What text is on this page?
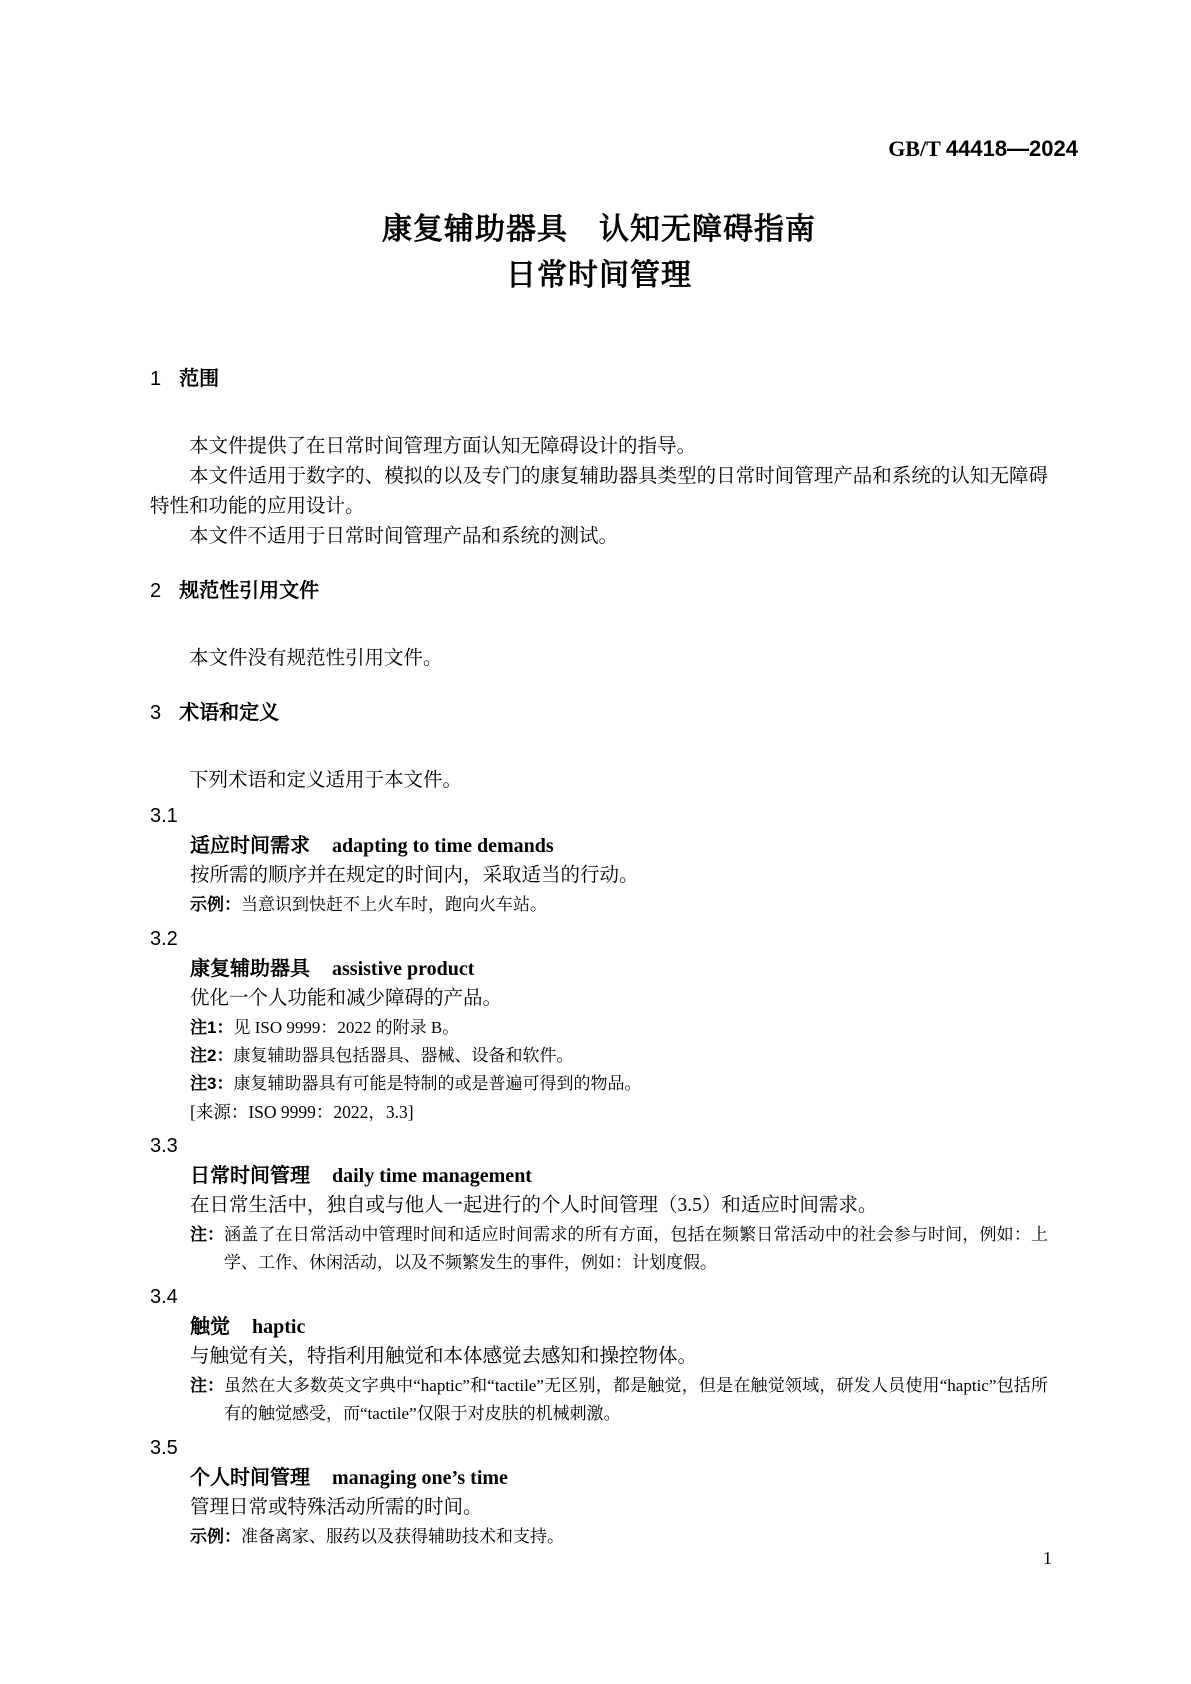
GB/T 44418—2024
康复辅助器具　认知无障碍指南
日常时间管理
1 范围

本文件提供了在日常时间管理方面认知无障碍设计的指导。

本文件适用于数字的、模拟的以及专门的康复辅助器具类型的日常时间管理产品和系统的认知无障碍特性和功能的应用设计。

本文件不适用于日常时间管理产品和系统的测试。

2 规范性引用文件

本文件没有规范性引用文件。

3 术语和定义

下列术语和定义适用于本文件。

3.1

适应时间需求 adapting to time demands

按所需的顺序并在规定的时间内，采取适当的行动。

示例： 当意识到快赶不上火车时，跑向火车站。

3.2

康复辅助器具 assistive product

优化一个人功能和减少障碍的产品。

注1： 见 ISO 9999：2022 的附录 B。

注2： 康复辅助器具包括器具、器械、设备和软件。

注3： 康复辅助器具有可能是特制的或是普遍可得到的物品。

[来源：ISO 9999：2022，3.3]

3.3

日常时间管理 daily time management

在日常生活中，独自或与他人一起进行的个人时间管理（3.5）和适应时间需求。

注： 涵盖了在日常活动中管理时间和适应时间需求的所有方面，包括在频繁日常活动中的社会参与时间，例如：上学、工作、休闲活动，以及不频繁发生的事件，例如：计划度假。

3.4

触觉 haptic

与触觉有关，特指利用触觉和本体感觉去感知和操控物体。

注： 虽然在大多数英文字典中“haptic”和“tactile”无区别，都是触觉，但是在触觉领域，研发人员使用“haptic”包括所有的触觉感受，而“tactile”仅限于对皮肤的机械刺激。

3.5

个人时间管理 managing one’s time

管理日常或特殊活动所需的时间。

示例： 准备离家、服药以及获得辅助技术和支持。

1
